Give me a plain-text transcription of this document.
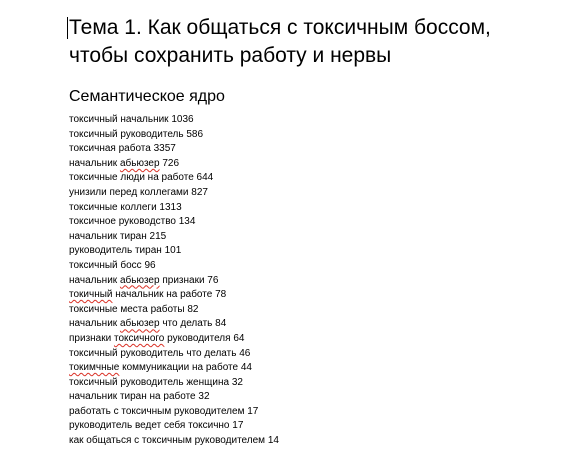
Тема 1. Как общаться с токсичным боссом,
чтобы сохранить работу и нервы
Семантическое ядро
токсичный начальник 1036
токсичный руководитель 586
токсичная работа 3357
начальник абьюзер 726
токсичные люди на работе 644
унизили перед коллегами 827
токсичные коллеги 1313
токсичное руководство 134
начальник тиран 215
руководитель тиран 101
токсичный босс 96
начальник абьюзер признаки 76
токичный начальник на работе 78
токсичные места работы 82
начальник абьюзер что делать 84
признаки токсичного руководителя 64
токсичный руководитель что делать 46
токимчные коммуникации на работе 44
токсичный руководитель женщина 32
начальник тиран на работе 32
работать с токсичным руководителем 17
руководитель ведет себя токсично 17
как общаться с токсичным руководителем 14
